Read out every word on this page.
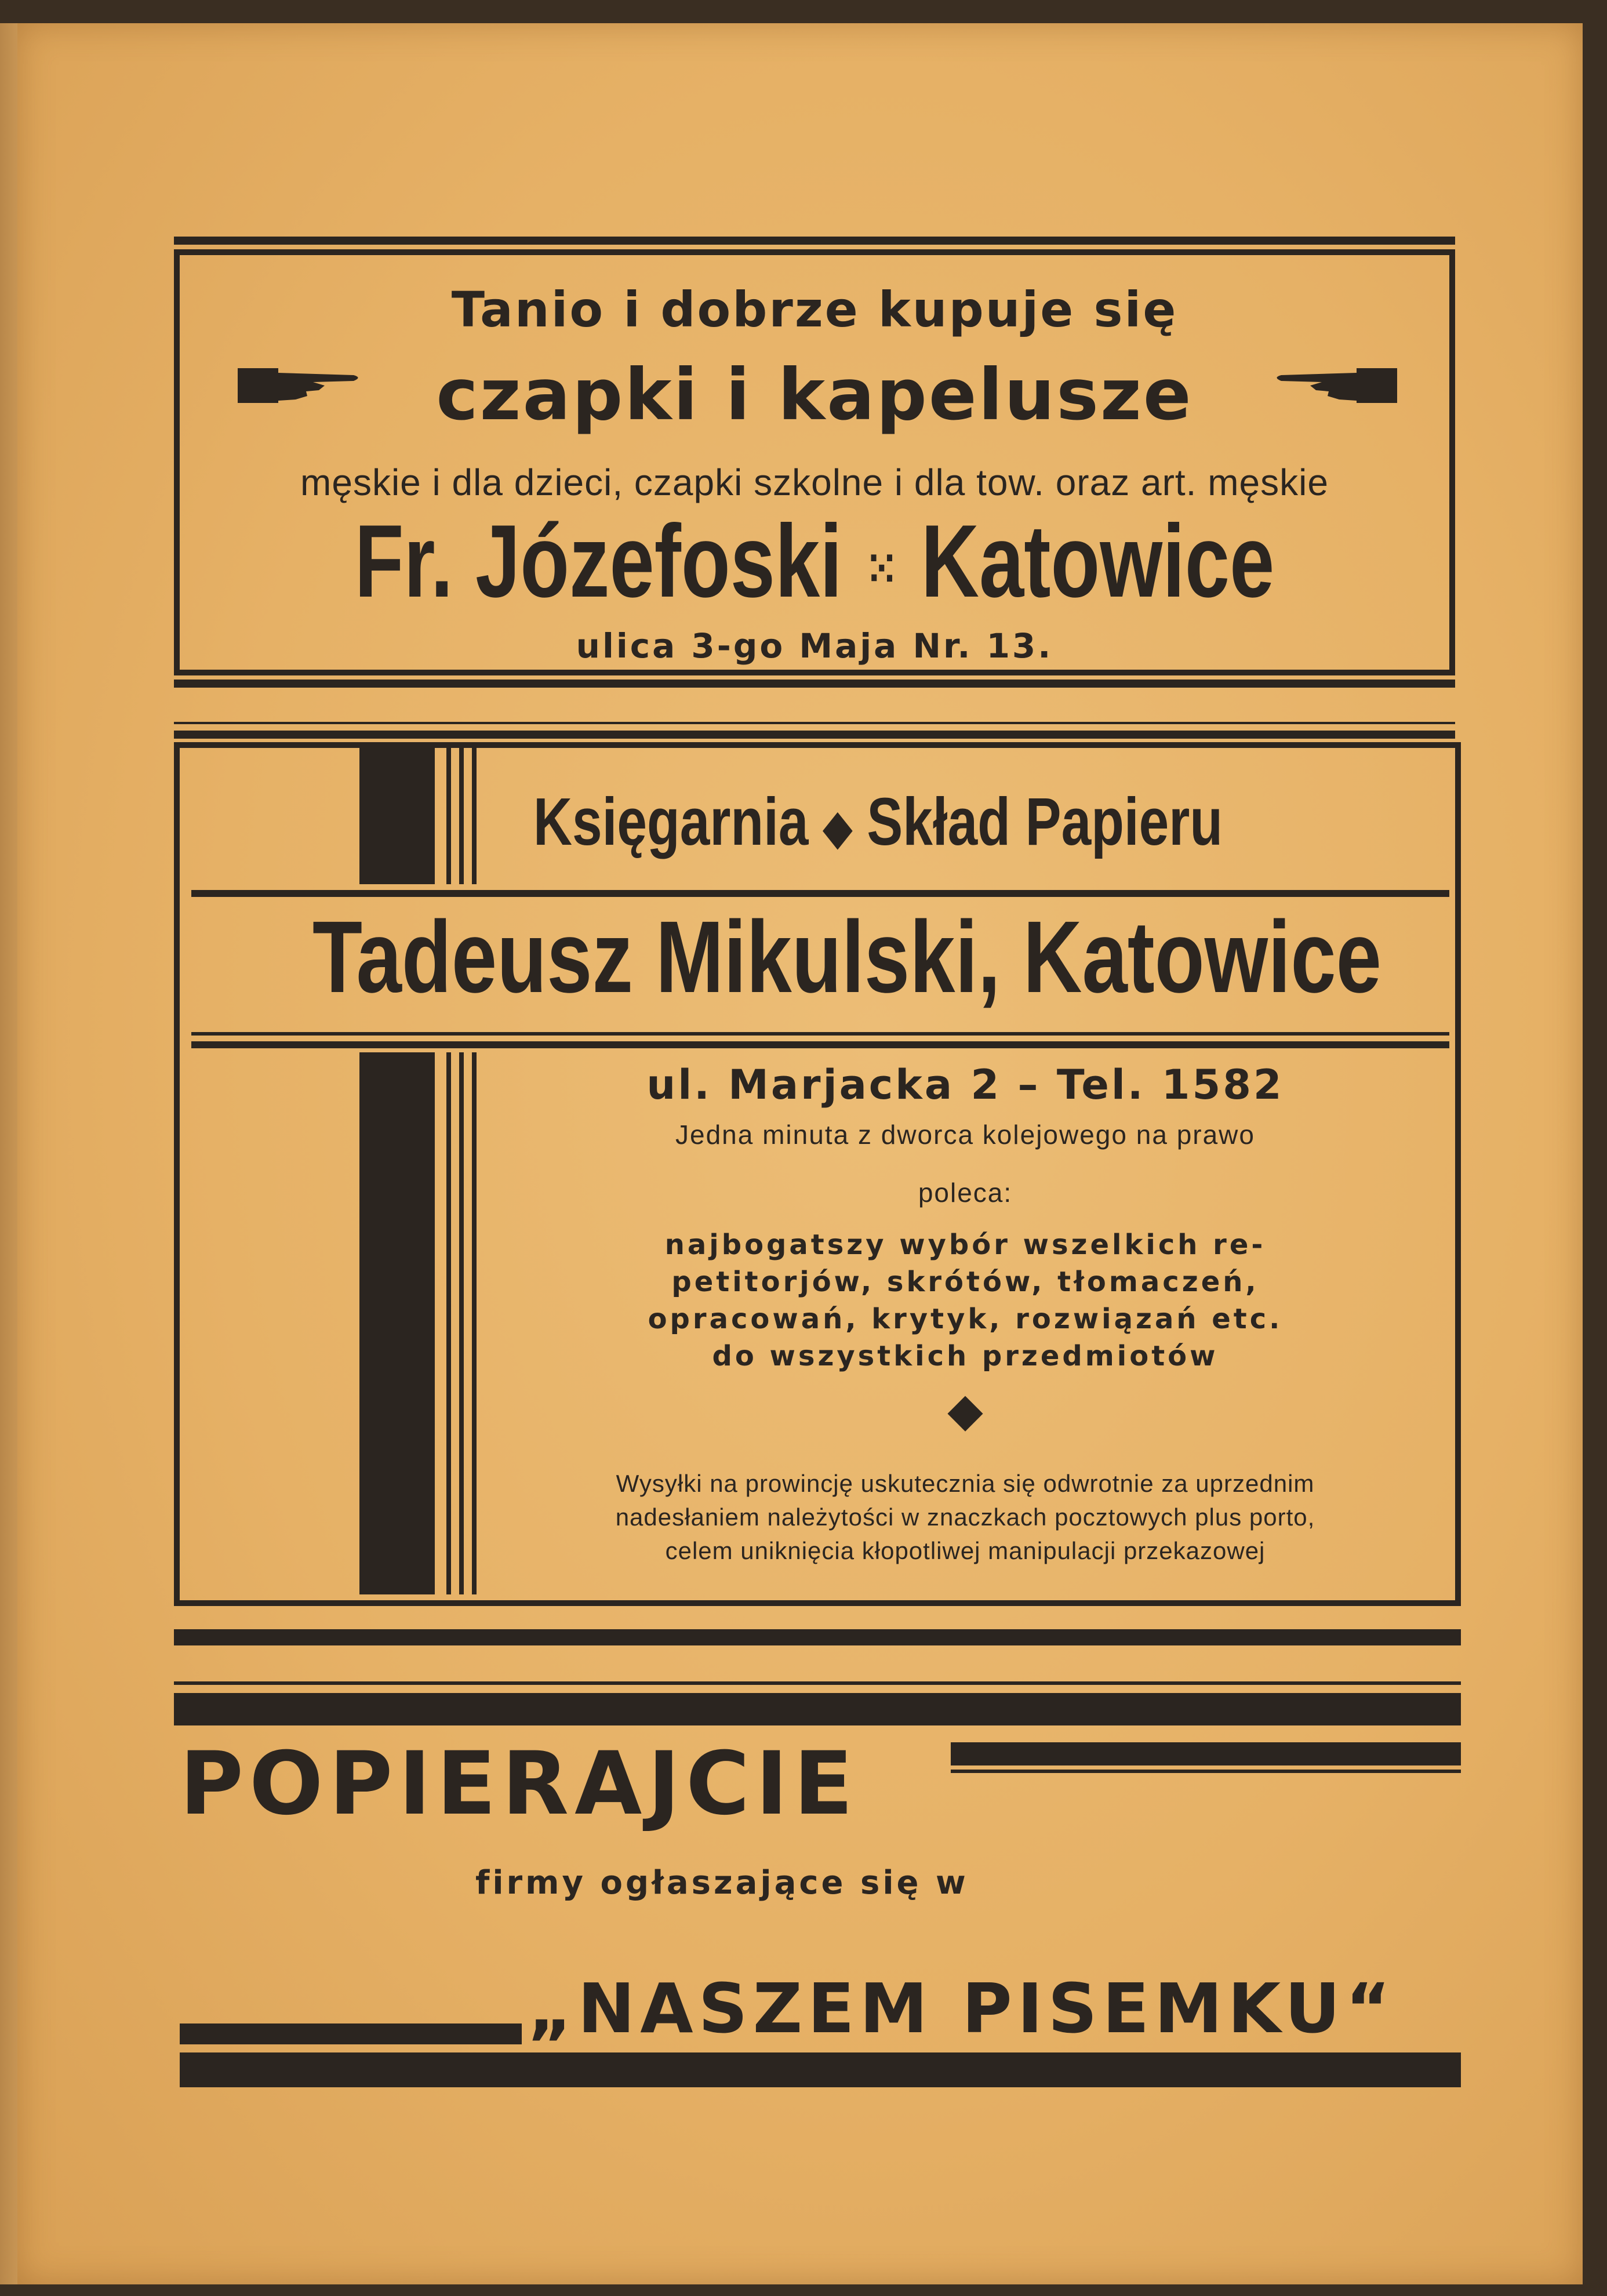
Tanio i dobrze kupuje się
czapki i kapelusze
męskie i dla dzieci, czapki szkolne i dla tow. oraz art. męskie
Fr. Józefoski ⁙ Katowice
ulica 3-go Maja Nr. 13.
Księgarnia ◆ Skład Papieru
Tadeusz Mikulski, Katowice
ul. Marjacka 2 – Tel. 1582
Jedna minuta z dworca kolejowego na prawo
poleca:
najbogatszy wybór wszelkich re-
petitorjów, skrótów, tłomaczeń,
opracowań, krytyk, rozwiązań etc.
do wszystkich przedmiotów
◆
Wysyłki na prowincję uskutecznia się odwrotnie za uprzednim
nadesłaniem należytości w znaczkach pocztowych plus porto,
celem uniknięcia kłopotliwej manipulacji przekazowej
POPIERAJCIE
firmy ogłaszające się w
„NASZEM PISEMKU“
